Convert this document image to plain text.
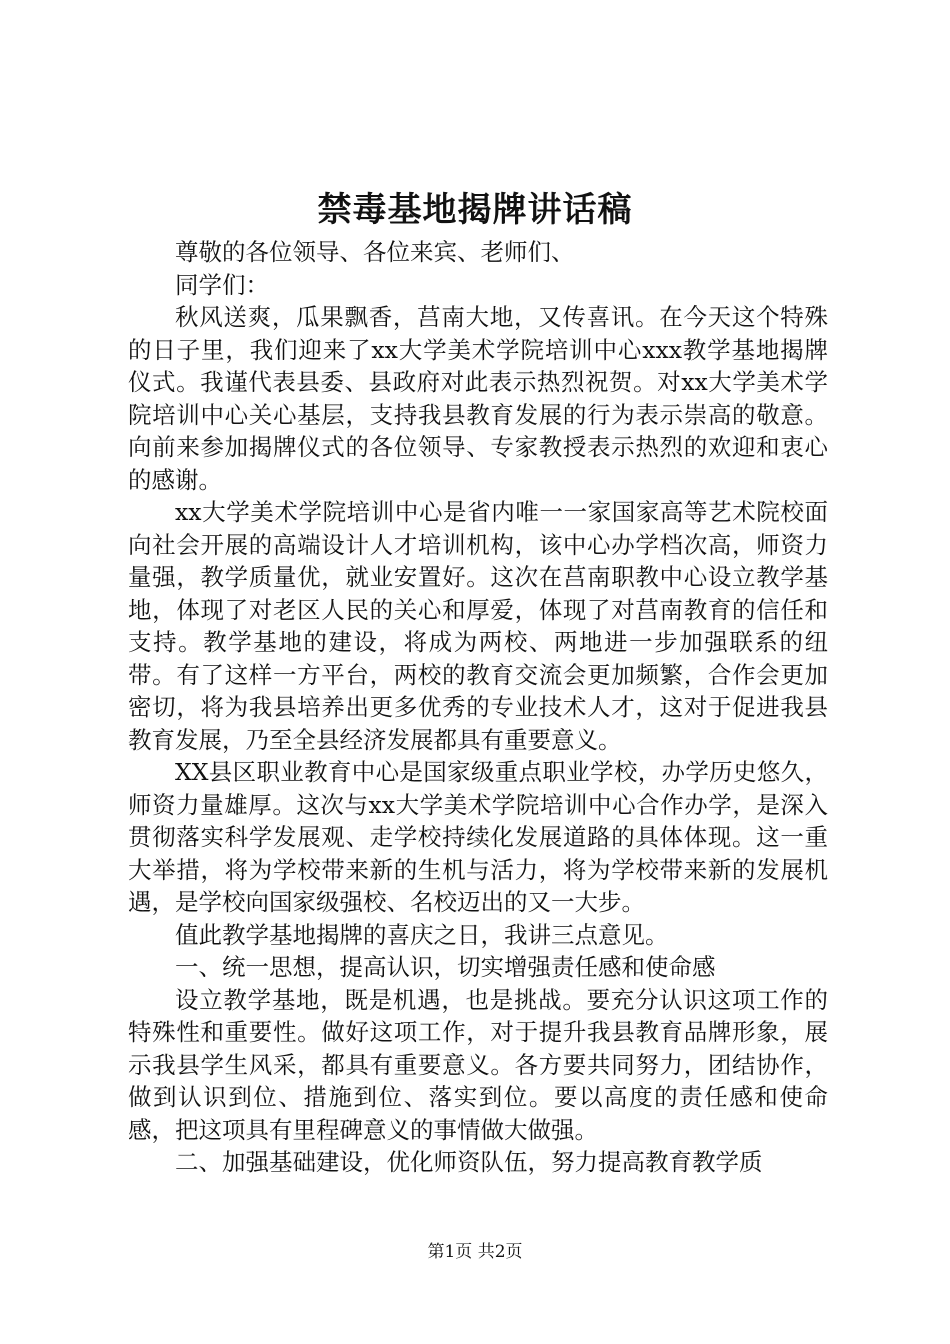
禁毒基地揭牌讲话稿

尊敬的各位领导、各位来宾、老师们、

同学们：

秋风送爽，瓜果飘香，莒南大地，又传喜讯。在今天这个特殊的日子里，我们迎来了xx大学美术学院培训中心xxx教学基地揭牌仪式。我谨代表县委、县政府对此表示热烈祝贺。对xx大学美术学院培训中心关心基层，支持我县教育发展的行为表示崇高的敬意。向前来参加揭牌仪式的各位领导、专家教授表示热烈的欢迎和衷心的感谢。

xx大学美术学院培训中心是省内唯一一家国家高等艺术院校面向社会开展的高端设计人才培训机构，该中心办学档次高，师资力量强，教学质量优，就业安置好。这次在莒南职教中心设立教学基地，体现了对老区人民的关心和厚爱，体现了对莒南教育的信任和支持。教学基地的建设，将成为两校、两地进一步加强联系的纽带。有了这样一方平台，两校的教育交流会更加频繁，合作会更加密切，将为我县培养出更多优秀的专业技术人才，这对于促进我县教育发展，乃至全县经济发展都具有重要意义。

XX县区职业教育中心是国家级重点职业学校，办学历史悠久，师资力量雄厚。这次与xx大学美术学院培训中心合作办学，是深入贯彻落实科学发展观、走学校持续化发展道路的具体体现。这一重大举措，将为学校带来新的生机与活力，将为学校带来新的发展机遇，是学校向国家级强校、名校迈出的又一大步。

值此教学基地揭牌的喜庆之日，我讲三点意见。

一、统一思想，提高认识，切实增强责任感和使命感

设立教学基地，既是机遇，也是挑战。要充分认识这项工作的特殊性和重要性。做好这项工作，对于提升我县教育品牌形象，展示我县学生风采，都具有重要意义。各方要共同努力，团结协作，做到认识到位、措施到位、落实到位。要以高度的责任感和使命感，把这项具有里程碑意义的事情做大做强。

二、加强基础建设，优化师资队伍，努力提高教育教学质

第1页 共2页
